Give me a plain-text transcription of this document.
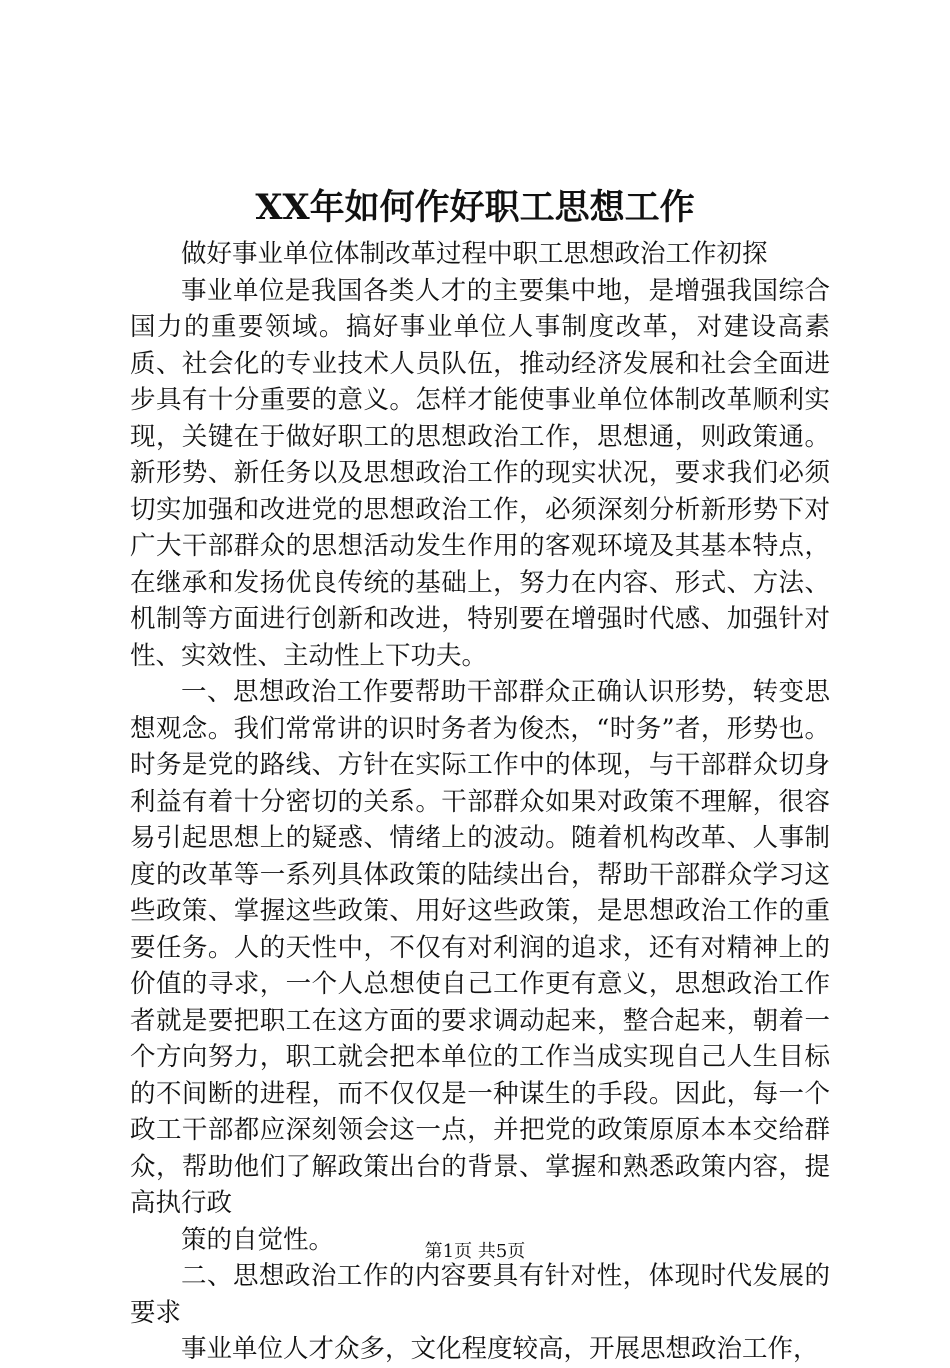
XX年如何作好职工思想工作

做好事业单位体制改革过程中职工思想政治工作初探

事业单位是我国各类人才的主要集中地，是增强我国综合国力的重要领域。搞好事业单位人事制度改革，对建设高素质、社会化的专业技术人员队伍，推动经济发展和社会全面进步具有十分重要的意义。怎样才能使事业单位体制改革顺利实现，关键在于做好职工的思想政治工作，思想通，则政策通。新形势、新任务以及思想政治工作的现实状况，要求我们必须切实加强和改进党的思想政治工作，必须深刻分析新形势下对广大干部群众的思想活动发生作用的客观环境及其基本特点，在继承和发扬优良传统的基础上，努力在内容、形式、方法、机制等方面进行创新和改进，特别要在增强时代感、加强针对性、实效性、主动性上下功夫。

一、思想政治工作要帮助干部群众正确认识形势，转变思想观念。我们常常讲的识时务者为俊杰，“时务”者，形势也。时务是党的路线、方针在实际工作中的体现，与干部群众切身利益有着十分密切的关系。干部群众如果对政策不理解，很容易引起思想上的疑惑、情绪上的波动。随着机构改革、人事制度的改革等一系列具体政策的陆续出台，帮助干部群众学习这些政策、掌握这些政策、用好这些政策，是思想政治工作的重要任务。人的天性中，不仅有对利润的追求，还有对精神上的价值的寻求，一个人总想使自己工作更有意义，思想政治工作者就是要把职工在这方面的要求调动起来，整合起来，朝着一个方向努力，职工就会把本单位的工作当成实现自己人生目标的不间断的进程，而不仅仅是一种谋生的手段。因此，每一个政工干部都应深刻领会这一点，并把党的政策原原本本交给群众，帮助他们了解政策出台的背景、掌握和熟悉政策内容，提高执行政

策的自觉性。

二、思想政治工作的内容要具有针对性，体现时代发展的要求

事业单位人才众多，文化程度较高，开展思想政治工作，

第1页 共5页
